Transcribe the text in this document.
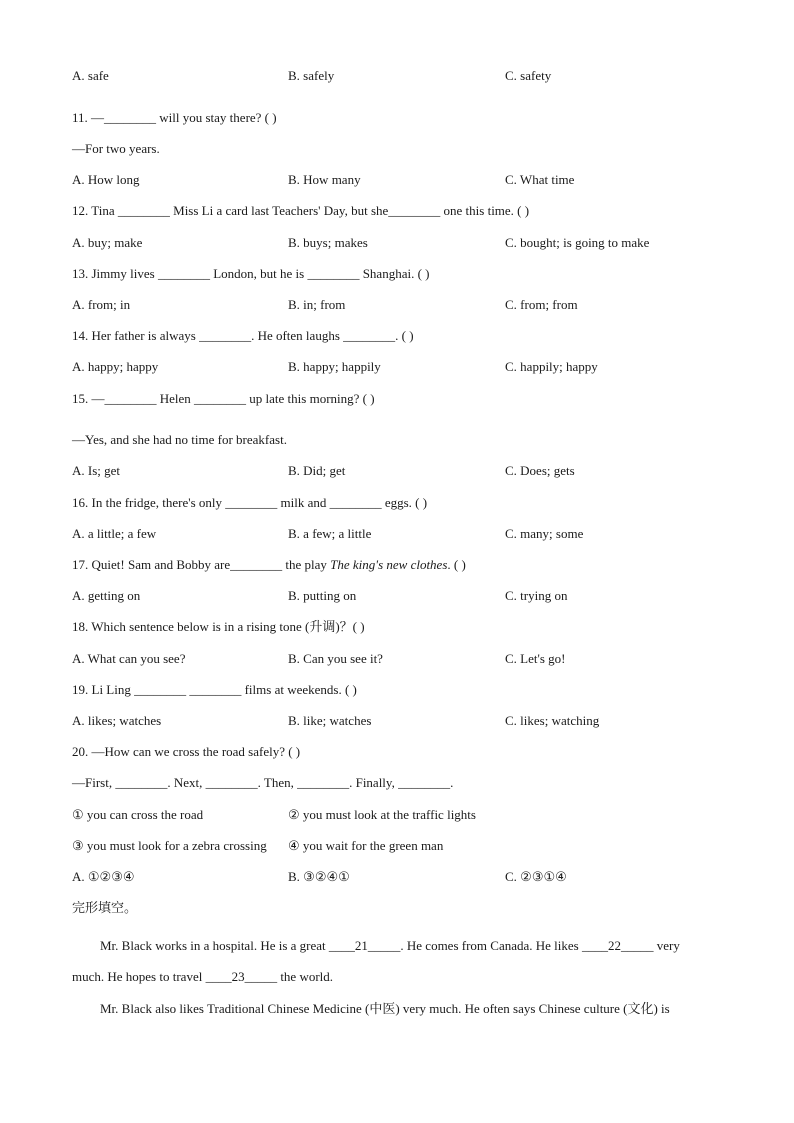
A. safe	B. safely	C. safety
11. —________ will you stay there? ( )
—For two years.
A. How long	B. How many	C. What time
12. Tina ________ Miss Li a card last Teachers' Day, but she________ one this time. ( )
A. buy; make	B. buys; makes	C. bought; is going to make
13. Jimmy lives ________ London, but he is ________ Shanghai. ( )
A. from; in	B. in; from	C. from; from
14. Her father is always ________. He often laughs ________. ( )
A. happy; happy	B. happy; happily	C. happily; happy
15. —________ Helen ________ up late this morning? ( )
—Yes, and she had no time for breakfast.
A. Is; get	B. Did; get	C. Does; gets
16. In the fridge, there's only ________ milk and ________ eggs. ( )
A. a little; a few	B. a few; a little	C. many; some
17. Quiet! Sam and Bobby are________ the play The king's new clothes. ( )
A. getting on	B. putting on	C. trying on
18. Which sentence below is in a rising tone (升调)？( )
A. What can you see?	B. Can you see it?	C. Let's go!
19. Li Ling ________ ________ films at weekends. ( )
A. likes; watches	B. like; watches	C. likes; watching
20. —How can we cross the road safely? ( )
—First, ________. Next, ________. Then, ________. Finally, ________.
① you can cross the road	② you must look at the traffic lights
③ you must look for a zebra crossing ④ you wait for the green man
A. ①②③④	B. ③②④①	C. ②③①④
完形填空。
Mr. Black works in a hospital. He is a great ____21_____. He comes from Canada. He likes ____22_____ very much. He hopes to travel ____23_____ the world.
Mr. Black also likes Traditional Chinese Medicine (中医) very much. He often says Chinese culture (文化) is
